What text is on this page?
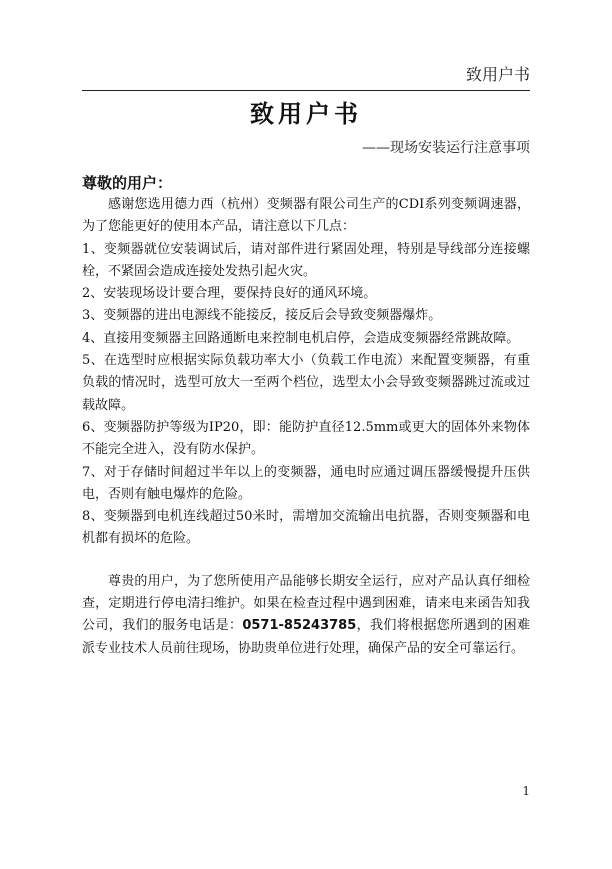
致用户书
致用户书
——现场安装运行注意事项
尊敬的用户：

感谢您选用德力西（杭州）变频器有限公司生产的CDI系列变频调速器，为了您能更好的使用本产品，请注意以下几点：

1、变频器就位安装调试后，请对部件进行紧固处理，特别是导线部分连接螺栓，不紧固会造成连接处发热引起火灾。

2、安装现场设计要合理，要保持良好的通风环境。

3、变频器的进出电源线不能接反，接反后会导致变频器爆炸。

4、直接用变频器主回路通断电来控制电机启停，会造成变频器经常跳故障。

5、在选型时应根据实际负载功率大小（负载工作电流）来配置变频器，有重负载的情况时，选型可放大一至两个档位，选型太小会导致变频器跳过流或过载故障。

6、变频器防护等级为IP20，即：能防护直径12.5mm或更大的固体外来物体不能完全进入，没有防水保护。

7、对于存储时间超过半年以上的变频器，通电时应通过调压器缓慢提升压供电，否则有触电爆炸的危险。

8、变频器到电机连线超过50米时，需增加交流输出电抗器，否则变频器和电机都有损坏的危险。

尊贵的用户，为了您所使用产品能够长期安全运行，应对产品认真仔细检查，定期进行停电清扫维护。如果在检查过程中遇到困难，请来电来函告知我公司，我们的服务电话是：0571-85243785，我们将根据您所遇到的困难派专业技术人员前往现场，协助贵单位进行处理，确保产品的安全可靠运行。

1
